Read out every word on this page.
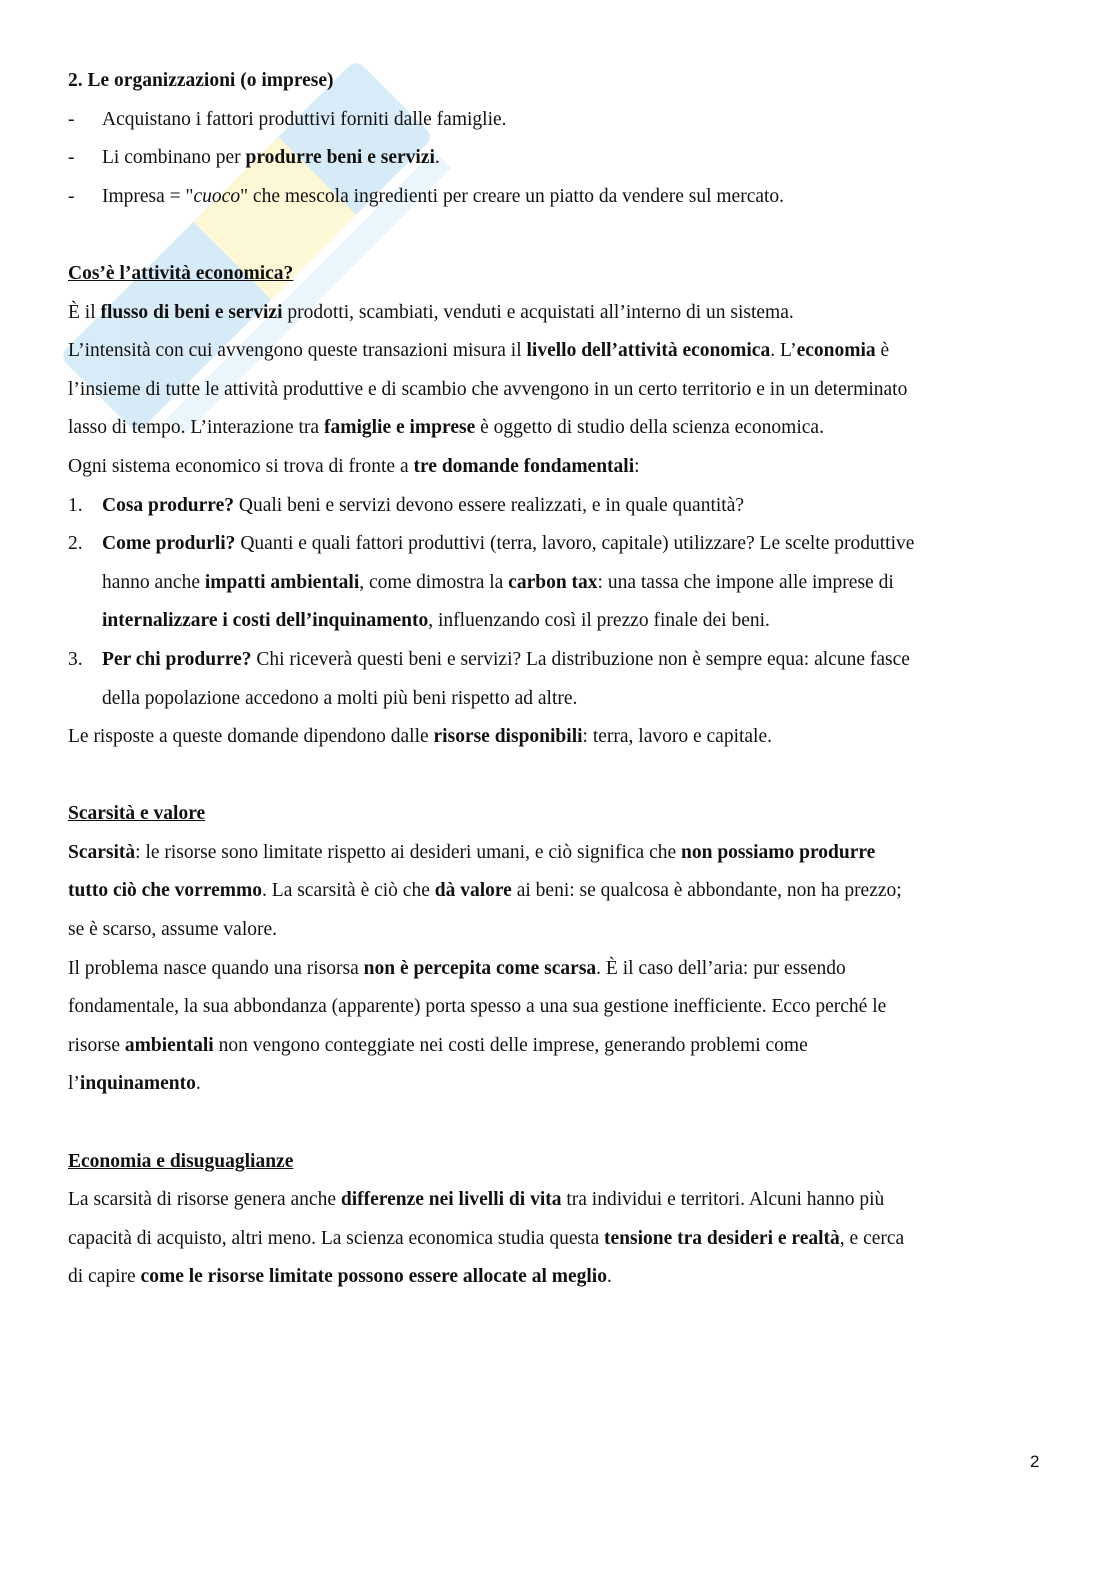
2. Le organizzazioni (o imprese)
- Acquistano i fattori produttivi forniti dalle famiglie.
- Li combinano per produrre beni e servizi.
- Impresa = "cuoco" che mescola ingredienti per creare un piatto da vendere sul mercato.
Cos’è l’attività economica?
È il flusso di beni e servizi prodotti, scambiati, venduti e acquistati all’interno di un sistema.
L’intensità con cui avvengono queste transazioni misura il livello dell’attività economica. L’economia è
l’insieme di tutte le attività produttive e di scambio che avvengono in un certo territorio e in un determinato
lasso di tempo. L’interazione tra famiglie e imprese è oggetto di studio della scienza economica.
Ogni sistema economico si trova di fronte a tre domande fondamentali:
1. Cosa produrre? Quali beni e servizi devono essere realizzati, e in quale quantità?
2. Come produrli? Quanti e quali fattori produttivi (terra, lavoro, capitale) utilizzare? Le scelte produttive
hanno anche impatti ambientali, come dimostra la carbon tax: una tassa che impone alle imprese di
internalizzare i costi dell’inquinamento, influenzando così il prezzo finale dei beni.
3. Per chi produrre? Chi riceverà questi beni e servizi? La distribuzione non è sempre equa: alcune fasce
della popolazione accedono a molti più beni rispetto ad altre.
Le risposte a queste domande dipendono dalle risorse disponibili: terra, lavoro e capitale.
Scarsità e valore
Scarsità: le risorse sono limitate rispetto ai desideri umani, e ciò significa che non possiamo produrre
tutto ciò che vorremmo. La scarsità è ciò che dà valore ai beni: se qualcosa è abbondante, non ha prezzo;
se è scarso, assume valore.
Il problema nasce quando una risorsa non è percepita come scarsa. È il caso dell’aria: pur essendo
fondamentale, la sua abbondanza (apparente) porta spesso a una sua gestione inefficiente. Ecco perché le
risorse ambientali non vengono conteggiate nei costi delle imprese, generando problemi come
l’inquinamento.
Economia e disuguaglianze
La scarsità di risorse genera anche differenze nei livelli di vita tra individui e territori. Alcuni hanno più
capacità di acquisto, altri meno. La scienza economica studia questa tensione tra desideri e realtà, e cerca
di capire come le risorse limitate possono essere allocate al meglio.
2
